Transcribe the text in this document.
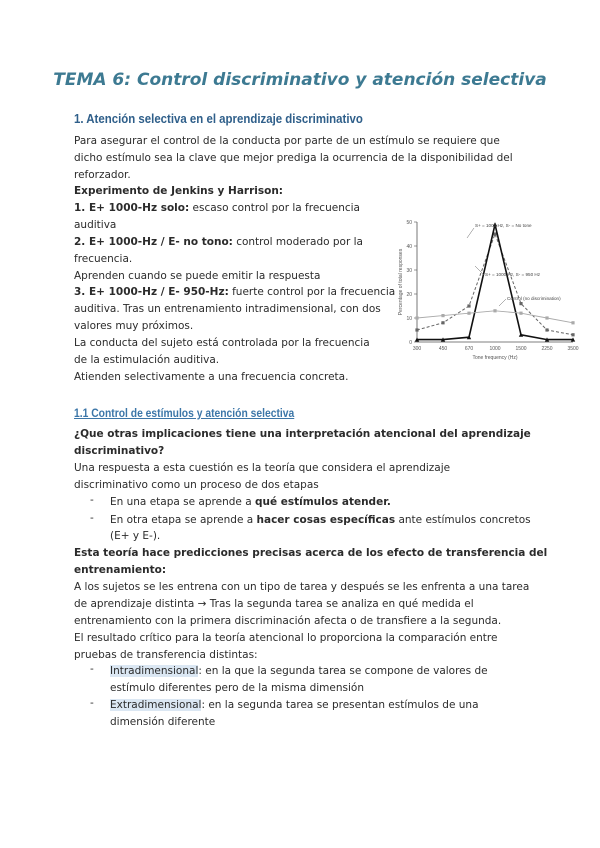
TEMA 6: Control discriminativo y atención selectiva
1. Atención selectiva en el aprendizaje discriminativo
Para asegurar el control de la conducta por parte de un estímulo se requiere que
dicho estímulo sea la clave que mejor prediga la ocurrencia de la disponibilidad del
reforzador.
Experimento de Jenkins y Harrison:
1. E+ 1000-Hz solo: escaso control por la frecuencia
auditiva
2. E+ 1000-Hz / E- no tono: control moderado por la
frecuencia.
Aprenden cuando se puede emitir la respuesta
3. E+ 1000-Hz / E- 950-Hz: fuerte control por la frecuencia
auditiva. Tras un entrenamiento intradimensional, con dos
valores muy próximos.
La conducta del sujeto está controlada por la frecuencia
de la estimulación auditiva.
Atienden selectivamente a una frecuencia concreta.
0
10
20
30
40
50
300	450	670	1000	1500	2250	3500
Tone frequency (Hz)
Percentage of total responses
S+ = 1000 Hz, S- = No tone
S+ = 1000 Hz, S- = 950 Hz
Control (no discrimination)
1.1 Control de estímulos y atención selectiva
¿Que otras implicaciones tiene una interpretación atencional del aprendizaje
discriminativo?
Una respuesta a esta cuestión es la teoría que considera el aprendizaje
discriminativo como un proceso de dos etapas
- En una etapa se aprende a qué estímulos atender.
- En otra etapa se aprende a hacer cosas específicas ante estímulos concretos
(E+ y E-).
Esta teoría hace predicciones precisas acerca de los efecto de transferencia del
entrenamiento:
A los sujetos se les entrena con un tipo de tarea y después se les enfrenta a una tarea
de aprendizaje distinta → Tras la segunda tarea se analiza en qué medida el
entrenamiento con la primera discriminación afecta o de transfiere a la segunda.
El resultado crítico para la teoría atencional lo proporciona la comparación entre
pruebas de transferencia distintas:
- Intradimensional: en la que la segunda tarea se compone de valores de
estímulo diferentes pero de la misma dimensión
- Extradimensional: en la segunda tarea se presentan estímulos de una
dimensión diferente
